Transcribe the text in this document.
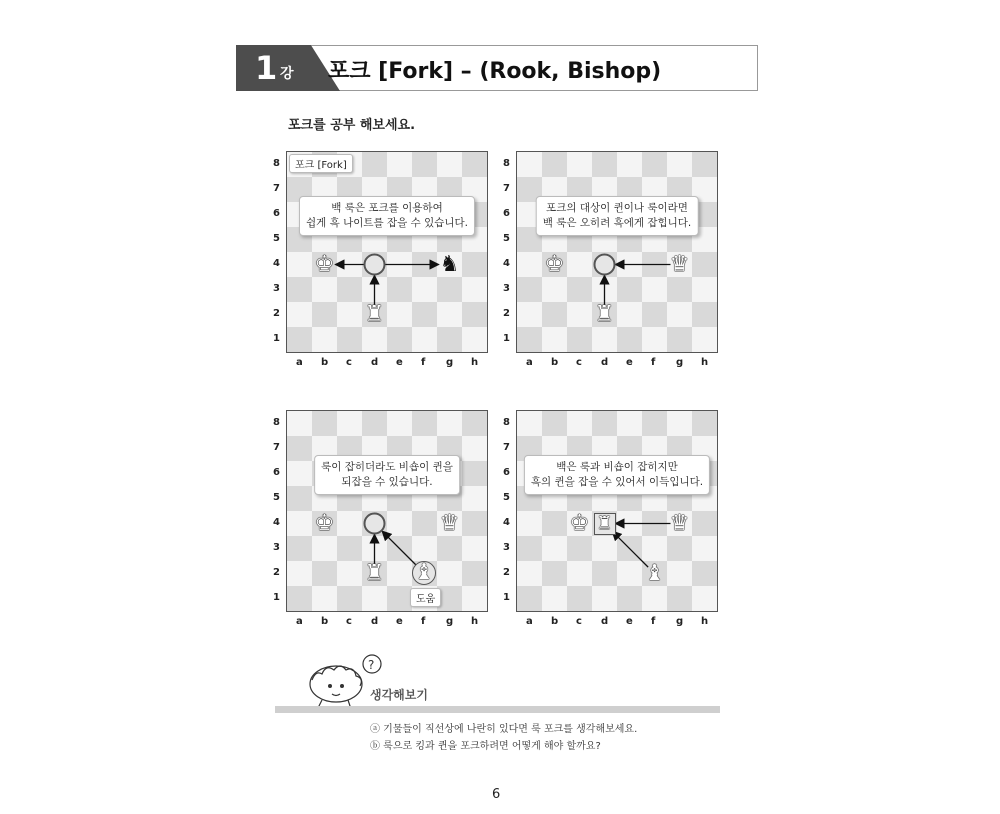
1 강 포크 [Fork] – (Rook, Bishop)
포크를 공부 해보세요.
8
7
6
5
4
3
2
1
a b c d e f g h
♚	♞
♜
백 룩은 포크를 이용하여
쉽게 흑 나이트를 잡을 수 있습니다.
포크 [Fork]	8
7
6
5
4
3
2
1
a b c d e f g h
♚	♛
♜
포크의 대상이 퀸이나 룩이라면
백 룩은 오히려 흑에게 잡힙니다.
8
7
6
5
4
3
2
1
a b c d e f g h
♚	♛
♜ ♝
룩이 잡히더라도 비숍이 퀸을
되잡을 수 있습니다.
도움
8
7
6
5
4
3
2
1
a b c d e f g h
♚ ♜	♛
♝
백은 룩과 비숍이 잡히지만
흑의 퀸을 잡을 수 있어서 이득입니다.
?
생각해보기
ⓐ 기물들이 직선상에 나란히 있다면 룩 포크를 생각해보세요.
ⓑ 룩으로 킹과 퀸을 포크하려면 어떻게 해야 할까요?
6
